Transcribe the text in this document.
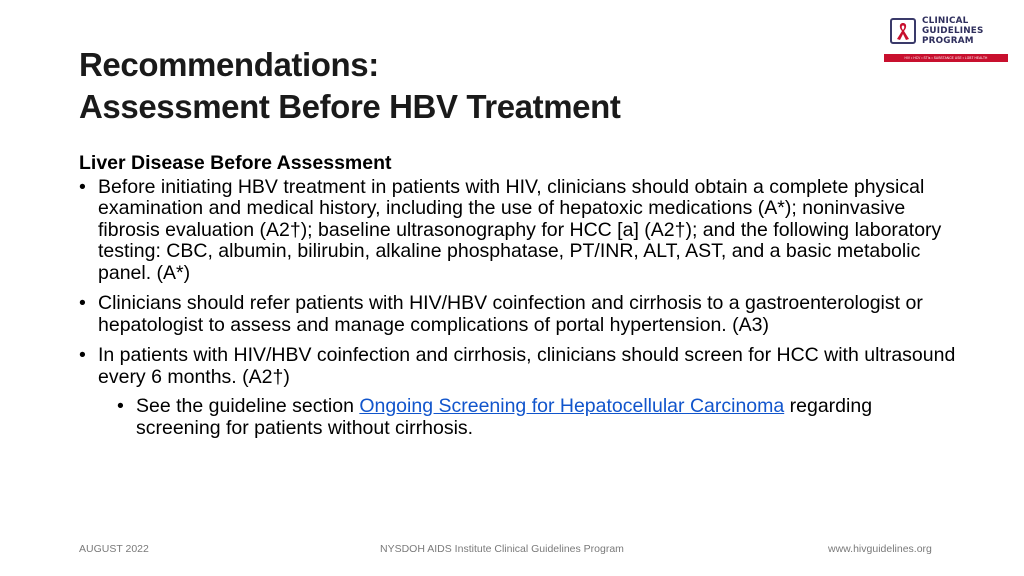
CLINICAL
GUIDELINES
PROGRAM
HIV • HCV • STIs • SUBSTANCE USE • LGBT HEALTH
Recommendations:
Assessment Before HBV Treatment
Liver Disease Before Assessment
• Before initiating HBV treatment in patients with HIV, clinicians should obtain a complete physical examination and medical history, including the use of hepatoxic medications (A*); noninvasive fibrosis evaluation (A2†); baseline ultrasonography for HCC [a] (A2†); and the following laboratory testing: CBC, albumin, bilirubin, alkaline phosphatase, PT/INR, ALT, AST, and a basic metabolic panel. (A*)
• Clinicians should refer patients with HIV/HBV coinfection and cirrhosis to a gastroenterologist or hepatologist to assess and manage complications of portal hypertension. (A3)
• In patients with HIV/HBV coinfection and cirrhosis, clinicians should screen for HCC with ultrasound every 6 months. (A2†)
• See the guideline section Ongoing Screening for Hepatocellular Carcinoma regarding screening for patients without cirrhosis.
AUGUST 2022	NYSDOH AIDS Institute Clinical Guidelines Program	www.hivguidelines.org
